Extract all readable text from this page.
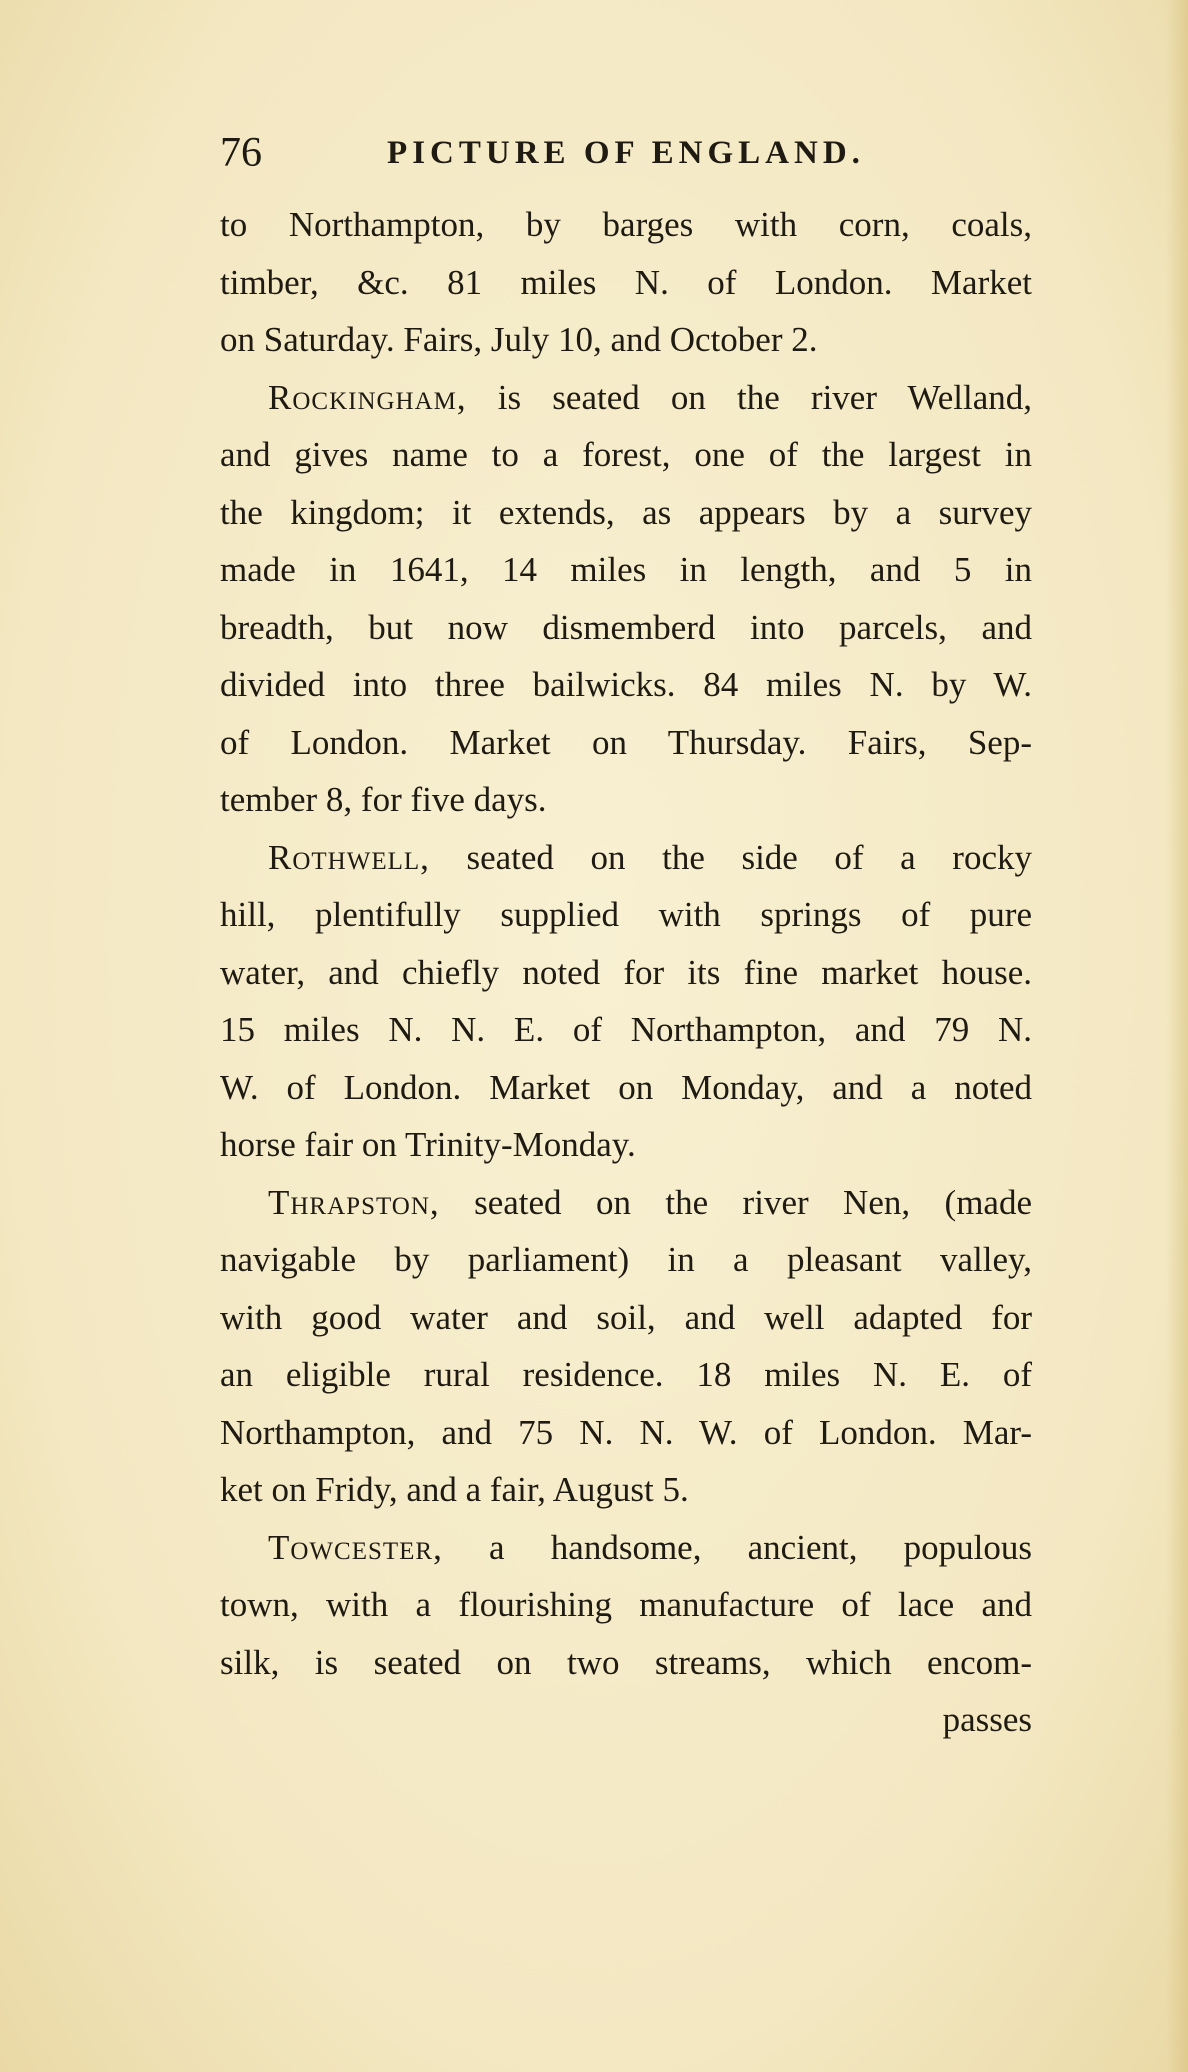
76	PICTURE OF ENGLAND.
to Northampton, by barges with corn, coals,
timber, &c. 81 miles N. of London. Market
on Saturday. Fairs, July 10, and October 2.
Rockingham, is seated on the river Welland,
and gives name to a forest, one of the largest in
the kingdom; it extends, as appears by a survey
made in 1641, 14 miles in length, and 5 in
breadth, but now dismemberd into parcels, and
divided into three bailwicks. 84 miles N. by W.
of London. Market on Thursday. Fairs, Sep-
tember 8, for five days.
Rothwell, seated on the side of a rocky
hill, plentifully supplied with springs of pure
water, and chiefly noted for its fine market house.
15 miles N. N. E. of Northampton, and 79 N.
W. of London. Market on Monday, and a noted
horse fair on Trinity-Monday.
Thrapston, seated on the river Nen, (made
navigable by parliament) in a pleasant valley,
with good water and soil, and well adapted for
an eligible rural residence. 18 miles N. E. of
Northampton, and 75 N. N. W. of London. Mar-
ket on Fridy, and a fair, August 5.
Towcester, a handsome, ancient, populous
town, with a flourishing manufacture of lace and
silk, is seated on two streams, which encom-
passes
